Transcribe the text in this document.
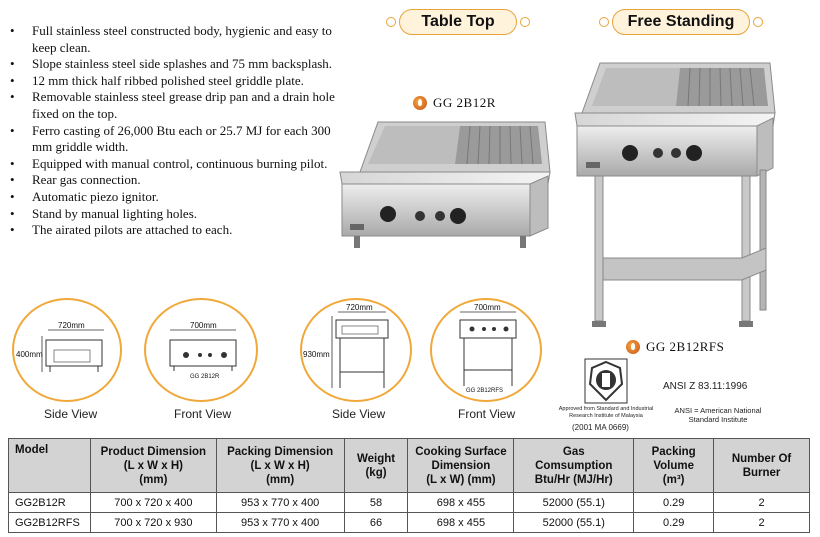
• Full stainless steel constructed body, hygienic and easy to keep clean.
• Slope stainless steel side splashes and 75 mm backsplash.
• 12 mm thick half ribbed polished steel griddle plate.
• Removable stainless steel grease drip pan and a drain hole fixed on the top.
• Ferro casting of 26,000 Btu each or 25.7 MJ for each 300 mm griddle width.
• Equipped with manual control, continuous burning pilot.
• Rear gas connection.
• Automatic piezo ignitor.
• Stand by manual lighting holes.
• The airated pilots are attached to each.
Table Top	Free Standing
GG 2B12R
GG 2B12RFS
720mm
400mm
Side View
700mm
GG 2B12R
Front View
720mm
930mm
Side View
700mm
GG 2B12RFS
Front View	Approved from Standard and Industrial Research Institute of Malaysia
(2001 MA 0669)
ANSI Z 83.11:1996
ANSI = American National Standard Institute
Model	Product Dimension
(L x W x H)
(mm)	Packing Dimension
(L x W x H)
(mm)	Weight
(kg)	Cooking Surface
Dimension
(L x W) (mm)	Gas
Comsumption
Btu/Hr (MJ/Hr)	Packing
Volume
(m³)	Number Of
Burner
GG2B12R	700 x 720 x 400	953 x 770 x 400	58	698 x 455	52000 (55.1)	0.29	2
GG2B12RFS	700 x 720 x 930	953 x 770 x 400	66	698 x 455	52000 (55.1)	0.29	2
